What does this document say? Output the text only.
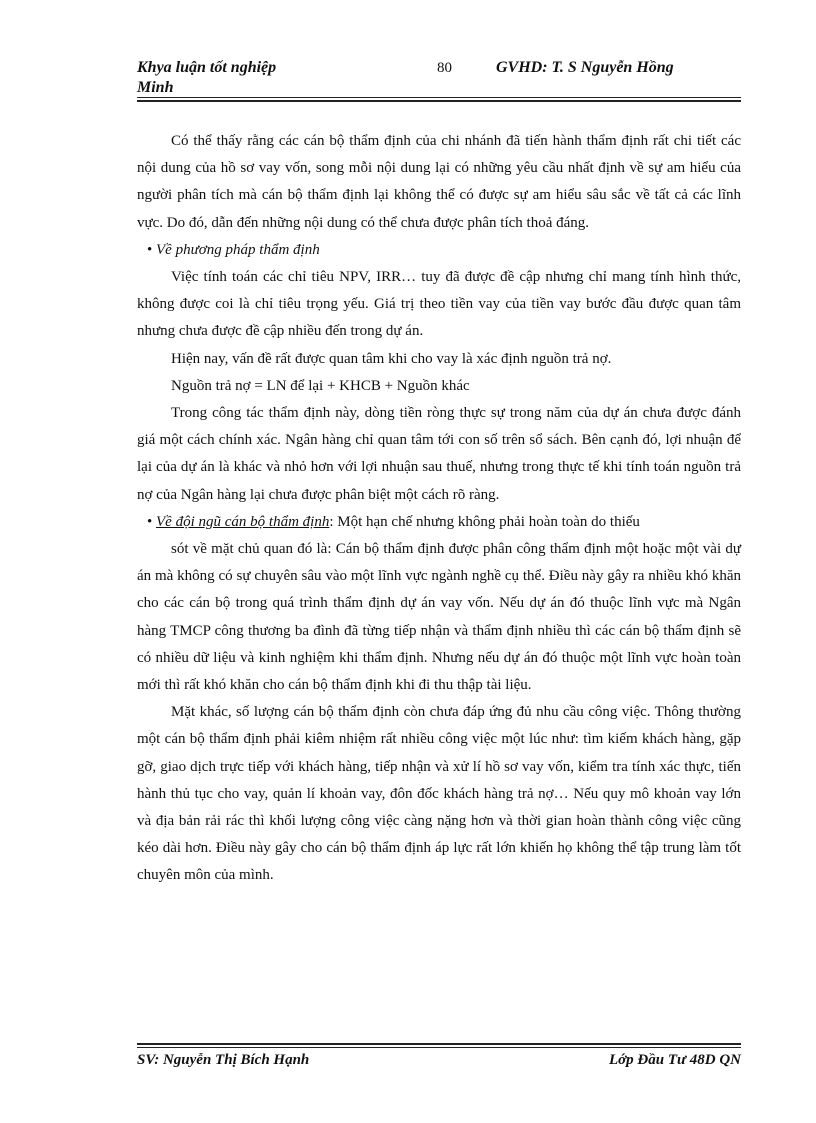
Khya luận tốt nghiệp	80	GVHD: T. S Nguyễn Hồng
Minh

Có thể thấy rằng các cán bộ thẩm định của chi nhánh đã tiến hành thẩm định rất chi tiết các nội dung của hồ sơ vay vốn, song mỗi nội dung lại có những yêu cầu nhất định về sự am hiểu của người phân tích mà cán bộ thẩm định lại không thể có được sự am hiểu sâu sắc về tất cả các lĩnh vực. Do đó, dẫn đến những nội dung có thể chưa được phân tích thoả đáng.

• Về phương pháp thẩm định

Việc tính toán các chỉ tiêu NPV, IRR… tuy đã được đề cập nhưng chỉ mang tính hình thức, không được coi là chỉ tiêu trọng yếu. Giá trị theo tiền vay của tiền vay bước đầu được quan tâm nhưng chưa được đề cập nhiều đến trong dự án.

Hiện nay, vấn đề rất được quan tâm khi cho vay là xác định nguồn trả nợ.

Nguồn trả nợ = LN để lại + KHCB + Nguồn khác

Trong công tác thẩm định này, dòng tiền ròng thực sự trong năm của dự án chưa được đánh giá một cách chính xác. Ngân hàng chỉ quan tâm tới con số trên sổ sách. Bên cạnh đó, lợi nhuận để lại của dự án là khác và nhỏ hơn với lợi nhuận sau thuế, nhưng trong thực tế khi tính toán nguồn trả nợ của Ngân hàng lại chưa được phân biệt một cách rõ ràng.

• Về đội ngũ cán bộ thẩm định: Một hạn chế nhưng không phải hoàn toàn do thiếu

sót về mặt chủ quan đó là: Cán bộ thẩm định được phân công thẩm định một hoặc một vài dự án mà không có sự chuyên sâu vào một lĩnh vực ngành nghề cụ thể. Điều này gây ra nhiều khó khăn cho các cán bộ trong quá trình thẩm định dự án vay vốn. Nếu dự án đó thuộc lĩnh vực mà Ngân hàng TMCP công thương ba đình đã từng tiếp nhận và thẩm định nhiều thì các cán bộ thẩm định sẽ có nhiều dữ liệu và kinh nghiệm khi thẩm định. Nhưng nếu dự án đó thuộc một lĩnh vực hoàn toàn mới thì rất khó khăn cho cán bộ thẩm định khi đi thu thập tài liệu.

Mặt khác, số lượng cán bộ thẩm định còn chưa đáp ứng đủ nhu cầu công việc. Thông thường một cán bộ thẩm định phải kiêm nhiệm rất nhiều công việc một lúc như: tìm kiếm khách hàng, gặp gỡ, giao dịch trực tiếp với khách hàng, tiếp nhận và xử lí hồ sơ vay vốn, kiểm tra tính xác thực, tiến hành thủ tục cho vay, quản lí khoản vay, đôn đốc khách hàng trả nợ… Nếu quy mô khoản vay lớn và địa bản rải rác thì khối lượng công việc càng nặng hơn và thời gian hoàn thành công việc cũng kéo dài hơn. Điều này gây cho cán bộ thẩm định áp lực rất lớn khiến họ không thể tập trung làm tốt chuyên môn của mình.

SV: Nguyễn Thị Bích Hạnh	Lớp Đầu Tư 48D QN
